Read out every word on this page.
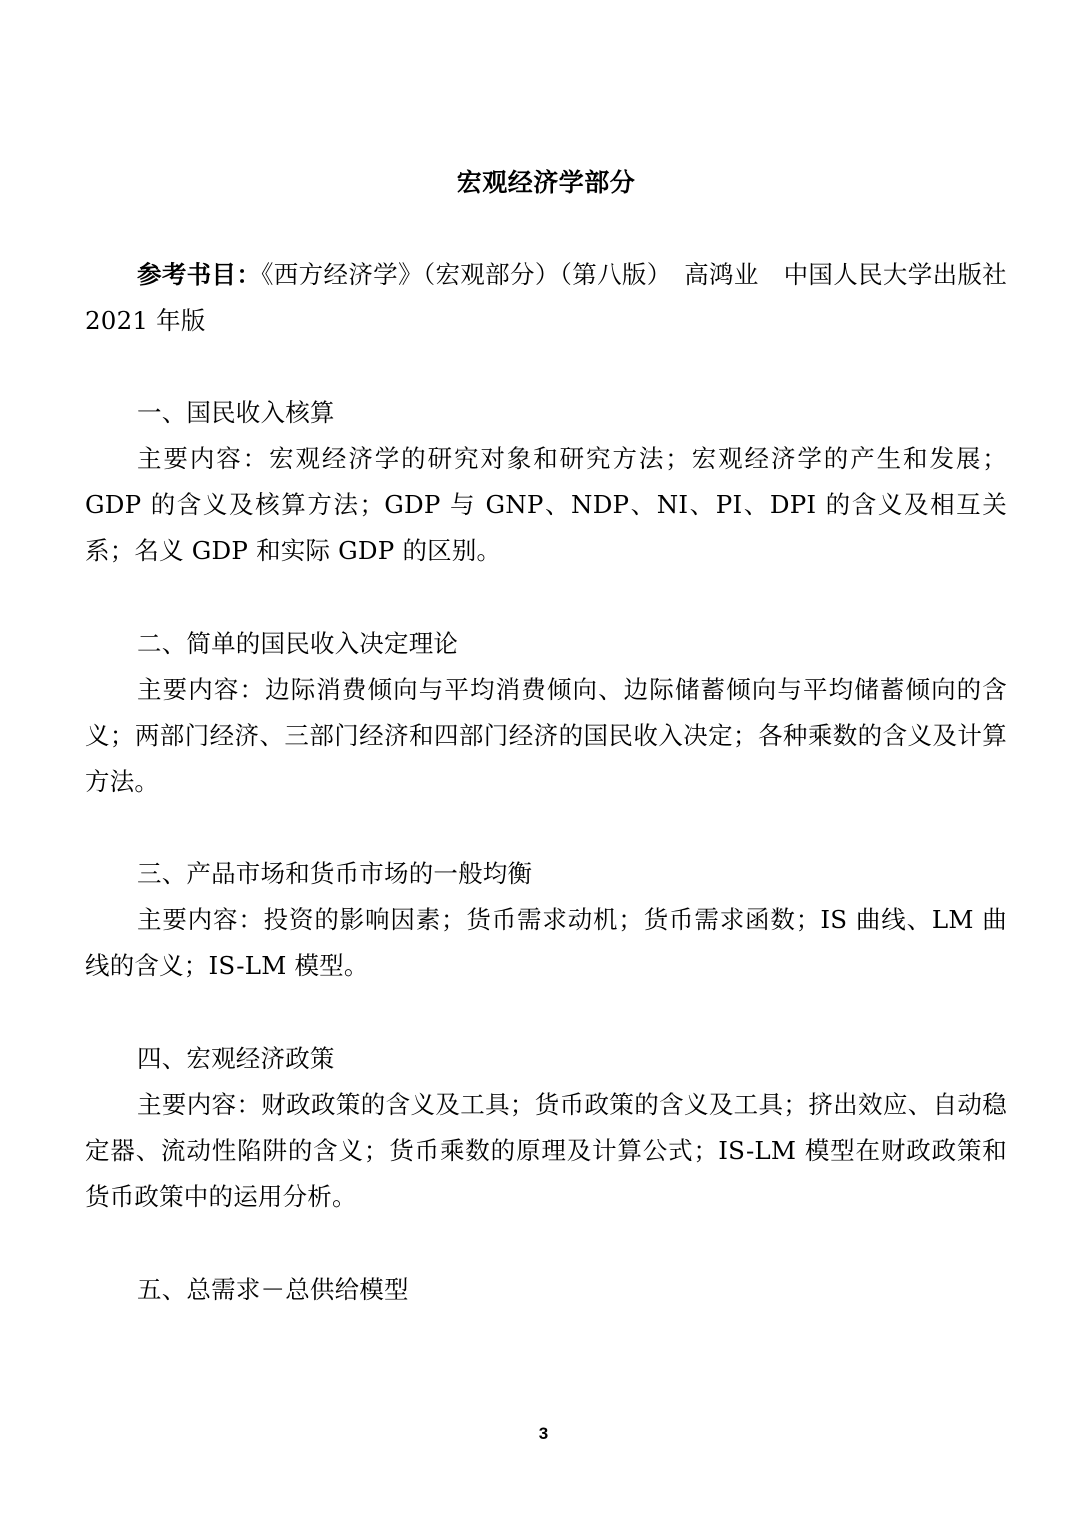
宏观经济学部分

参考书目：《西方经济学》（宏观部分）（第八版）　高鸿业　中国人民大学出版社 2021 年版

一、国民收入核算

主要内容：宏观经济学的研究对象和研究方法；宏观经济学的产生和发展；GDP 的含义及核算方法；GDP 与 GNP、NDP、NI、PI、DPI 的含义及相互关系；名义 GDP 和实际 GDP 的区别。

二、简单的国民收入决定理论

主要内容：边际消费倾向与平均消费倾向、边际储蓄倾向与平均储蓄倾向的含义；两部门经济、三部门经济和四部门经济的国民收入决定；各种乘数的含义及计算方法。

三、产品市场和货币市场的一般均衡

主要内容：投资的影响因素；货币需求动机；货币需求函数；IS 曲线、LM 曲线的含义；IS-LM 模型。

四、宏观经济政策

主要内容：财政政策的含义及工具；货币政策的含义及工具；挤出效应、自动稳定器、流动性陷阱的含义；货币乘数的原理及计算公式；IS-LM 模型在财政政策和货币政策中的运用分析。

五、总需求－总供给模型

3
